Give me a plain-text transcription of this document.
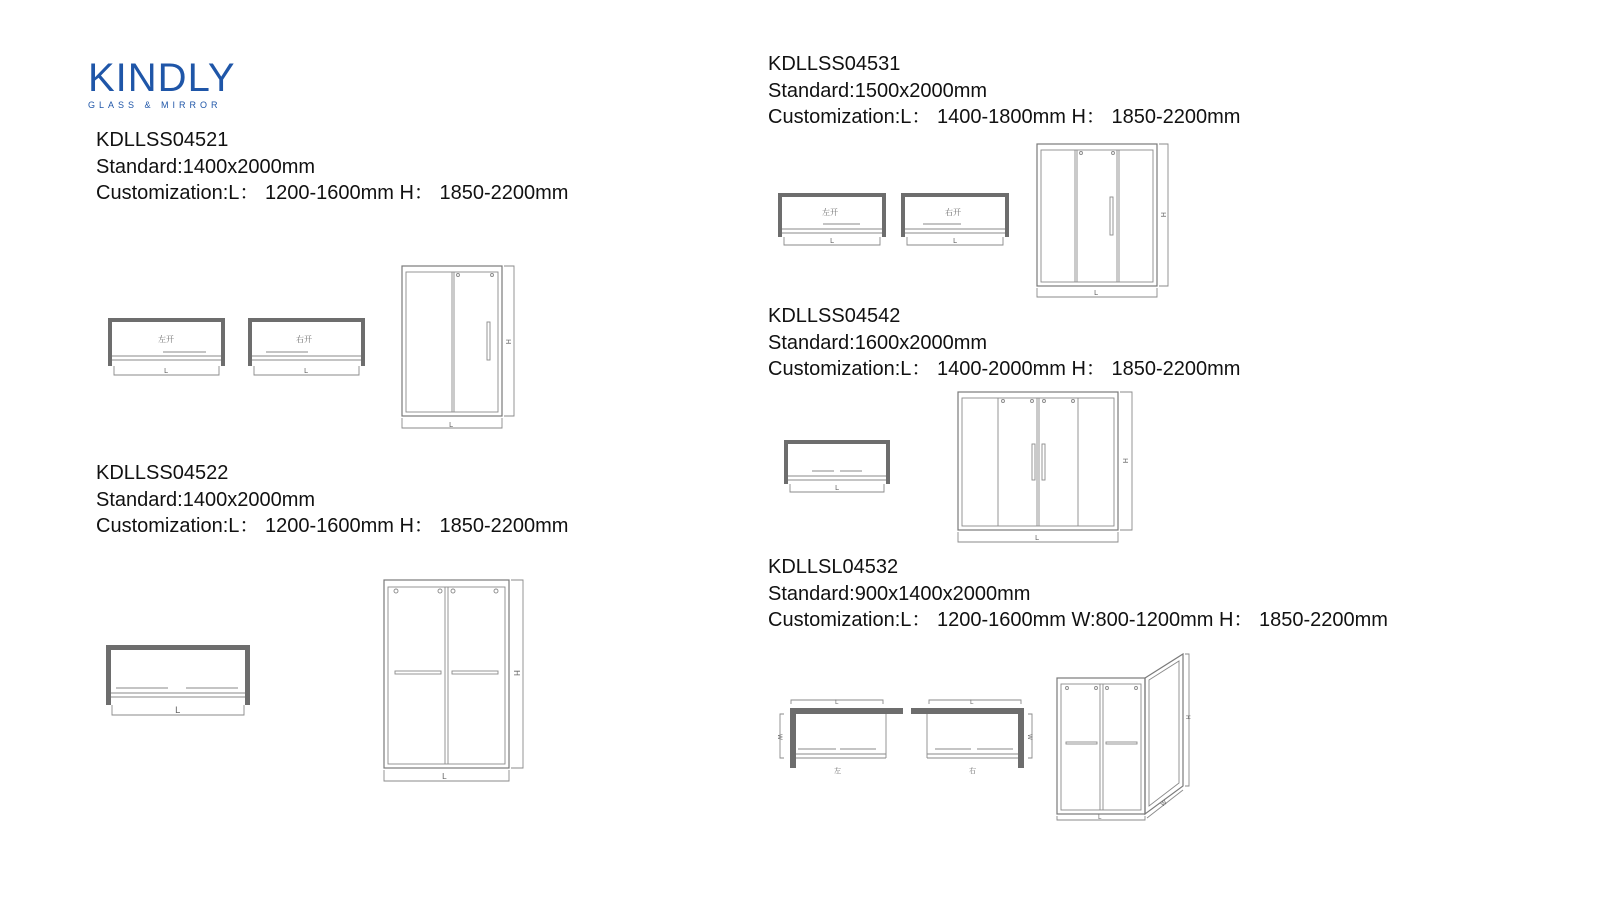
KINDLY
GLASS & MIRROR
KDLLSS04521
Standard:1400x2000mm
Customization:L： 1200-1600mm H： 1850-2200mm
左开
L
右开
L
L
H
KDLLSS04522
Standard:1400x2000mm
Customization:L： 1200-1600mm H： 1850-2200mm
L
L
H
KDLLSS04531
Standard:1500x2000mm
Customization:L： 1400-1800mm H： 1850-2200mm
左开
L
右开
L
L
H
KDLLSS04542
Standard:1600x2000mm
Customization:L： 1400-2000mm H： 1850-2200mm
L
L
H
KDLLSL04532
Standard:900x1400x2000mm
Customization:L： 1200-1600mm W:800-1200mm H： 1850-2200mm
L
W
左
L
W
右
L
H
W
